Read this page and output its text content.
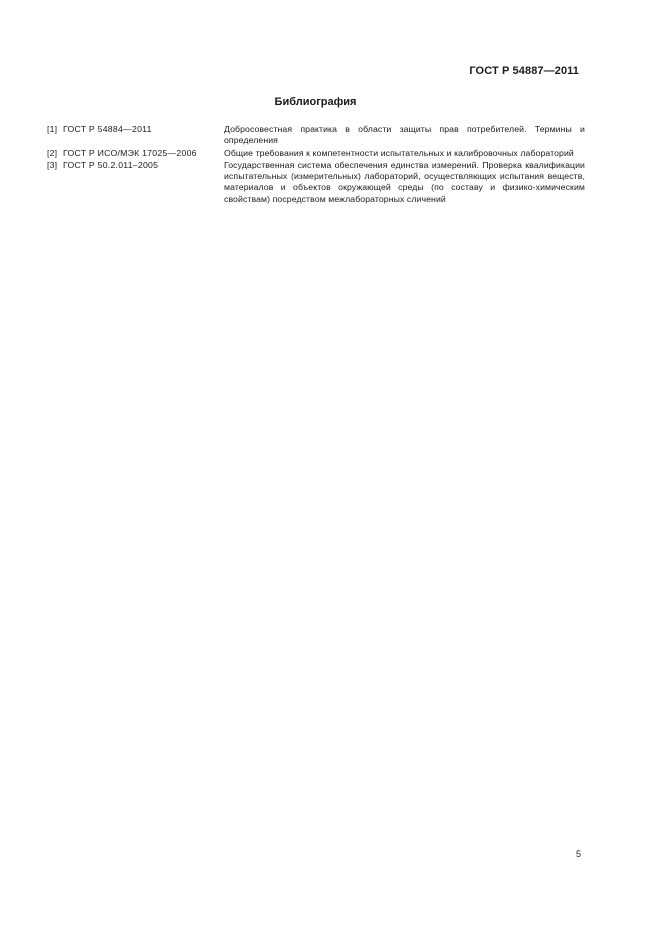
ГОСТ Р 54887—2011
Библиография
[1] ГОСТ Р 54884—2011	Добросовестная практика в области защиты прав потребителей. Термины и определения
[2] ГОСТ Р ИСО/МЭК 17025—2006	Общие требования к компетентности испытательных и калибровочных лабораторий
[3] ГОСТ Р 50.2.011–2005	Государственная система обеспечения единства измерений. Проверка квалификации испытательных (измерительных) лабораторий, осуществляющих испытания веществ, материалов и объектов окружающей среды (по составу и физико-химическим свойствам) посредством межлабораторных сличений
5
